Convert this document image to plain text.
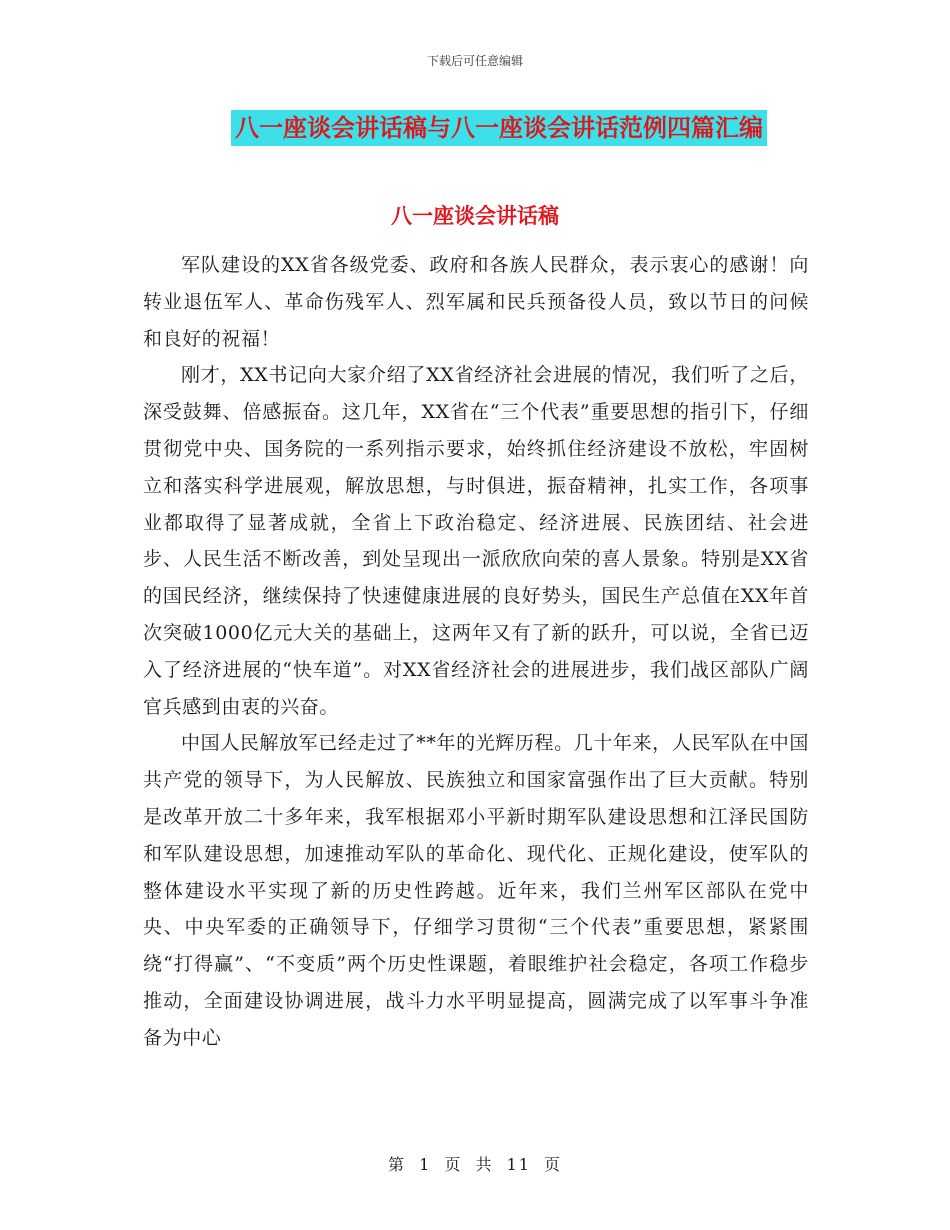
下载后可任意编辑
八一座谈会讲话稿与八一座谈会讲话范例四篇汇编
八一座谈会讲话稿

军队建设的XX省各级党委、政府和各族人民群众，表示衷心的感谢！向转业退伍军人、革命伤残军人、烈军属和民兵预备役人员，致以节日的问候和良好的祝福！

刚才，XX书记向大家介绍了XX省经济社会进展的情况，我们听了之后，深受鼓舞、倍感振奋。这几年，XX省在“三个代表”重要思想的指引下，仔细贯彻党中央、国务院的一系列指示要求，始终抓住经济建设不放松，牢固树立和落实科学进展观，解放思想，与时俱进，振奋精神，扎实工作，各项事业都取得了显著成就，全省上下政治稳定、经济进展、民族团结、社会进步、人民生活不断改善，到处呈现出一派欣欣向荣的喜人景象。特别是XX省的国民经济，继续保持了快速健康进展的良好势头，国民生产总值在XX年首次突破1000亿元大关的基础上，这两年又有了新的跃升，可以说，全省已迈入了经济进展的“快车道”。对XX省经济社会的进展进步，我们战区部队广阔官兵感到由衷的兴奋。

中国人民解放军已经走过了**年的光辉历程。几十年来，人民军队在中国共产党的领导下，为人民解放、民族独立和国家富强作出了巨大贡献。特别是改革开放二十多年来，我军根据邓小平新时期军队建设思想和江泽民国防和军队建设思想，加速推动军队的革命化、现代化、正规化建设，使军队的整体建设水平实现了新的历史性跨越。近年来，我们兰州军区部队在党中央、中央军委的正确领导下，仔细学习贯彻“三个代表”重要思想，紧紧围绕“打得赢”、“不变质”两个历史性课题，着眼维护社会稳定，各项工作稳步推动，全面建设协调进展，战斗力水平明显提高，圆满完成了以军事斗争准备为中心

第 1 页 共 11 页
